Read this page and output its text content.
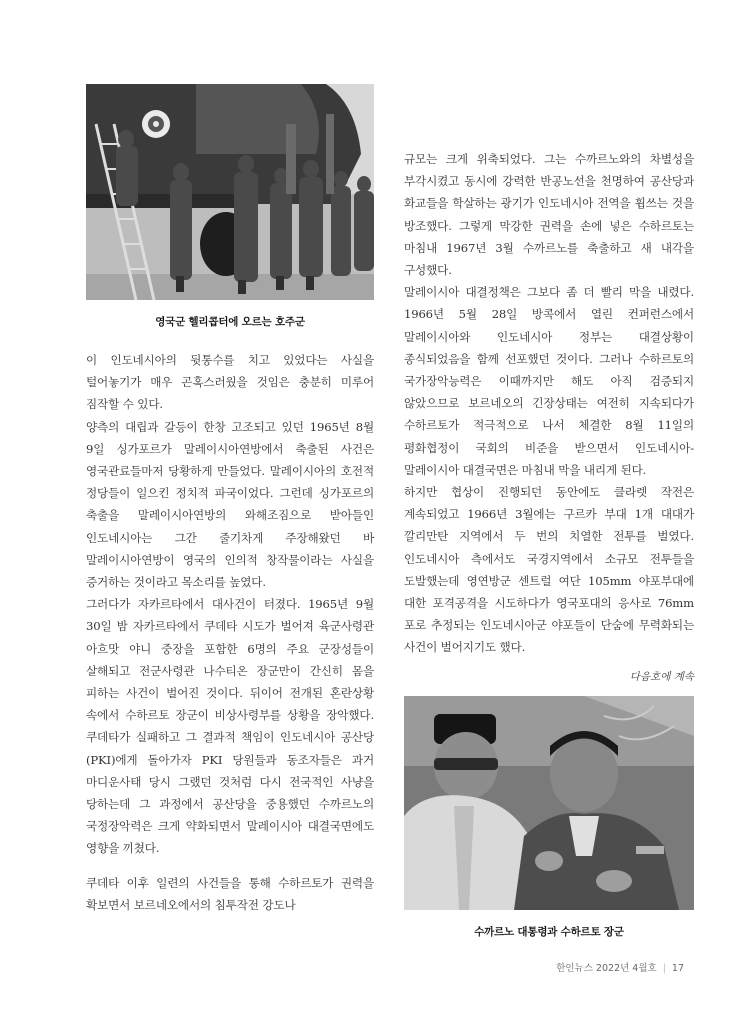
영국군 헬리콥터에 오르는 호주군

이 인도네시아의 뒷통수를 치고 있었다는 사실을 털어놓기가 매우 곤혹스러웠을 것임은 충분히 미루어 짐작할 수 있다.

양측의 대립과 갈등이 한창 고조되고 있던 1965년 8월 9일 싱가포르가 말레이시아연방에서 축출된 사건은 영국관료들마저 당황하게 만들었다. 말레이시아의 호전적 정당들이 일으킨 정치적 파국이었다. 그런데 싱가포르의 축출을 말레이시아연방의 와해조짐으로 받아들인 인도네시아는 그간 줄기차게 주장해왔던 바 말레이시아연방이 영국의 인의적 창작물이라는 사실을 증거하는 것이라고 목소리를 높였다.

그러다가 자카르타에서 대사건이 터졌다. 1965년 9월 30일 밤 자카르타에서 쿠데타 시도가 벌어져 육군사령관 아흐맛 야니 중장을 포함한 6명의 주요 군장성들이 살해되고 전군사령관 나수티온 장군만이 간신히 몸을 피하는 사건이 벌어진 것이다. 뒤이어 전개된 혼란상황 속에서 수하르토 장군이 비상사령부를 상황을 장악했다. 쿠데타가 실패하고 그 결과적 책임이 인도네시아 공산당(PKI)에게 돌아가자 PKI 당원들과 동조자들은 과거 마디운사태 당시 그랬던 것처럼 다시 전국적인 사냥을 당하는데 그 과정에서 공산당을 중용했던 수까르노의 국정장악력은 크게 약화되면서 말레이시아 대결국면에도 영향을 끼쳤다.

쿠데타 이후 일련의 사건들을 통해 수하르토가 권력을 확보면서 보르네오에서의 침투작전 강도나

규모는 크게 위축되었다. 그는 수까르노와의 차별성을 부각시켰고 동시에 강력한 반공노선을 천명하여 공산당과 화교들을 학살하는 광기가 인도네시아 전역을 휩쓰는 것을 방조했다. 그렇게 막강한 권력을 손에 넣은 수하르토는 마침내 1967년 3월 수까르노를 축출하고 새 내각을 구성했다.

말레이시아 대결정책은 그보다 좀 더 빨리 막을 내렸다. 1966년 5월 28일 방콕에서 열린 컨퍼런스에서 말레이시아와 인도네시아 정부는 대결상황이 종식되었음을 함께 선포했던 것이다. 그러나 수하르토의 국가장악능력은 이때까지만 해도 아직 검증되지 않았으므로 보르네오의 긴장상태는 여전히 지속되다가 수하르토가 적극적으로 나서 체결한 8월 11일의 평화협정이 국회의 비준을 받으면서 인도네시아-말레이시아 대결국면은 마침내 막을 내리게 된다.

하지만 협상이 진행되던 동안에도 클라렛 작전은 계속되었고 1966년 3월에는 구르카 부대 1개 대대가 깔리만탄 지역에서 두 번의 치열한 전투를 벌였다. 인도네시아 측에서도 국경지역에서 소규모 전투들을 도발했는데 영연방군 센트럴 여단 105mm 야포부대에 대한 포격공격을 시도하다가 영국포대의 응사로 76mm 포로 추정되는 인도네시아군 야포들이 단숨에 무력화되는 사건이 벌어지기도 했다.

다음호에 계속
수까르노 대통령과 수하르토 장군
한인뉴스 2022년 4월호 | 17
